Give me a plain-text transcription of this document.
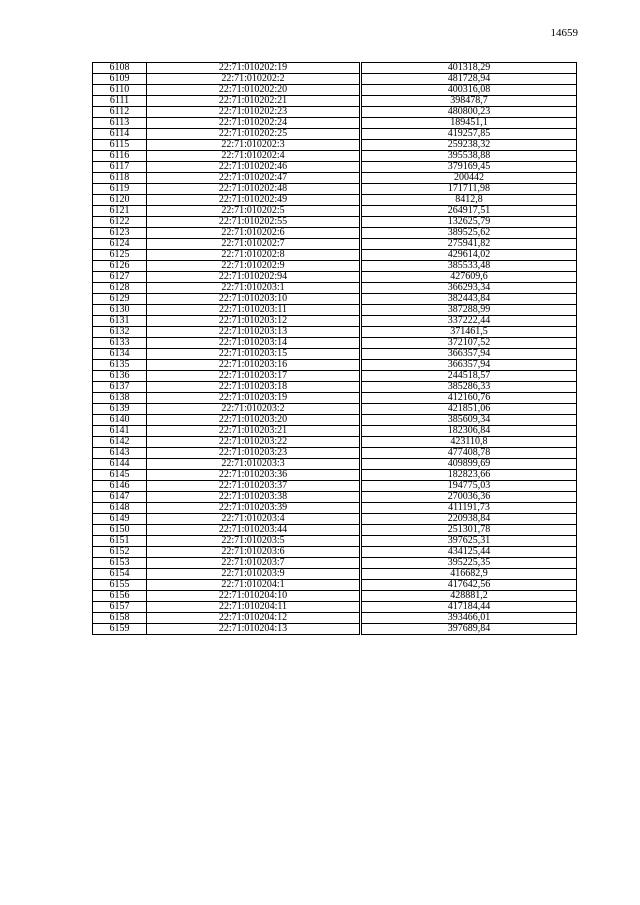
14659
6108	22:71:010202:19	401318,29
6109	22:71:010202:2	481728,94
6110	22:71:010202:20	400316,08
6111	22:71:010202:21	398478,7
6112	22:71:010202:23	480800,23
6113	22:71:010202:24	189451,1
6114	22:71:010202:25	419257,85
6115	22:71:010202:3	259238,32
6116	22:71:010202:4	395538,88
6117	22:71:010202:46	379169,45
6118	22:71:010202:47	200442
6119	22:71:010202:48	171711,98
6120	22:71:010202:49	8412,8
6121	22:71:010202:5	264917,51
6122	22:71:010202:55	132625,79
6123	22:71:010202:6	389525,62
6124	22:71:010202:7	275941,82
6125	22:71:010202:8	429614,02
6126	22:71:010202:9	385533,48
6127	22:71:010202:94	427609,6
6128	22:71:010203:1	366293,34
6129	22:71:010203:10	382443,84
6130	22:71:010203:11	387288,99
6131	22:71:010203:12	337222,44
6132	22:71:010203:13	371461,5
6133	22:71:010203:14	372107,52
6134	22:71:010203:15	366357,94
6135	22:71:010203:16	366357,94
6136	22:71:010203:17	244518,57
6137	22:71:010203:18	385286,33
6138	22:71:010203:19	412160,76
6139	22:71:010203:2	421851,06
6140	22:71:010203:20	385609,34
6141	22:71:010203:21	182306,84
6142	22:71:010203:22	423110,8
6143	22:71:010203:23	477408,78
6144	22:71:010203:3	409899,69
6145	22:71:010203:36	182823,66
6146	22:71:010203:37	194775,03
6147	22:71:010203:38	270036,36
6148	22:71:010203:39	411191,73
6149	22:71:010203:4	220938,84
6150	22:71:010203:44	251301,78
6151	22:71:010203:5	397625,31
6152	22:71:010203:6	434125,44
6153	22:71:010203:7	395225,35
6154	22:71:010203:9	416682,9
6155	22:71:010204:1	417642,56
6156	22:71:010204:10	428881,2
6157	22:71:010204:11	417184,44
6158	22:71:010204:12	393466,01
6159	22:71:010204:13	397689,84
